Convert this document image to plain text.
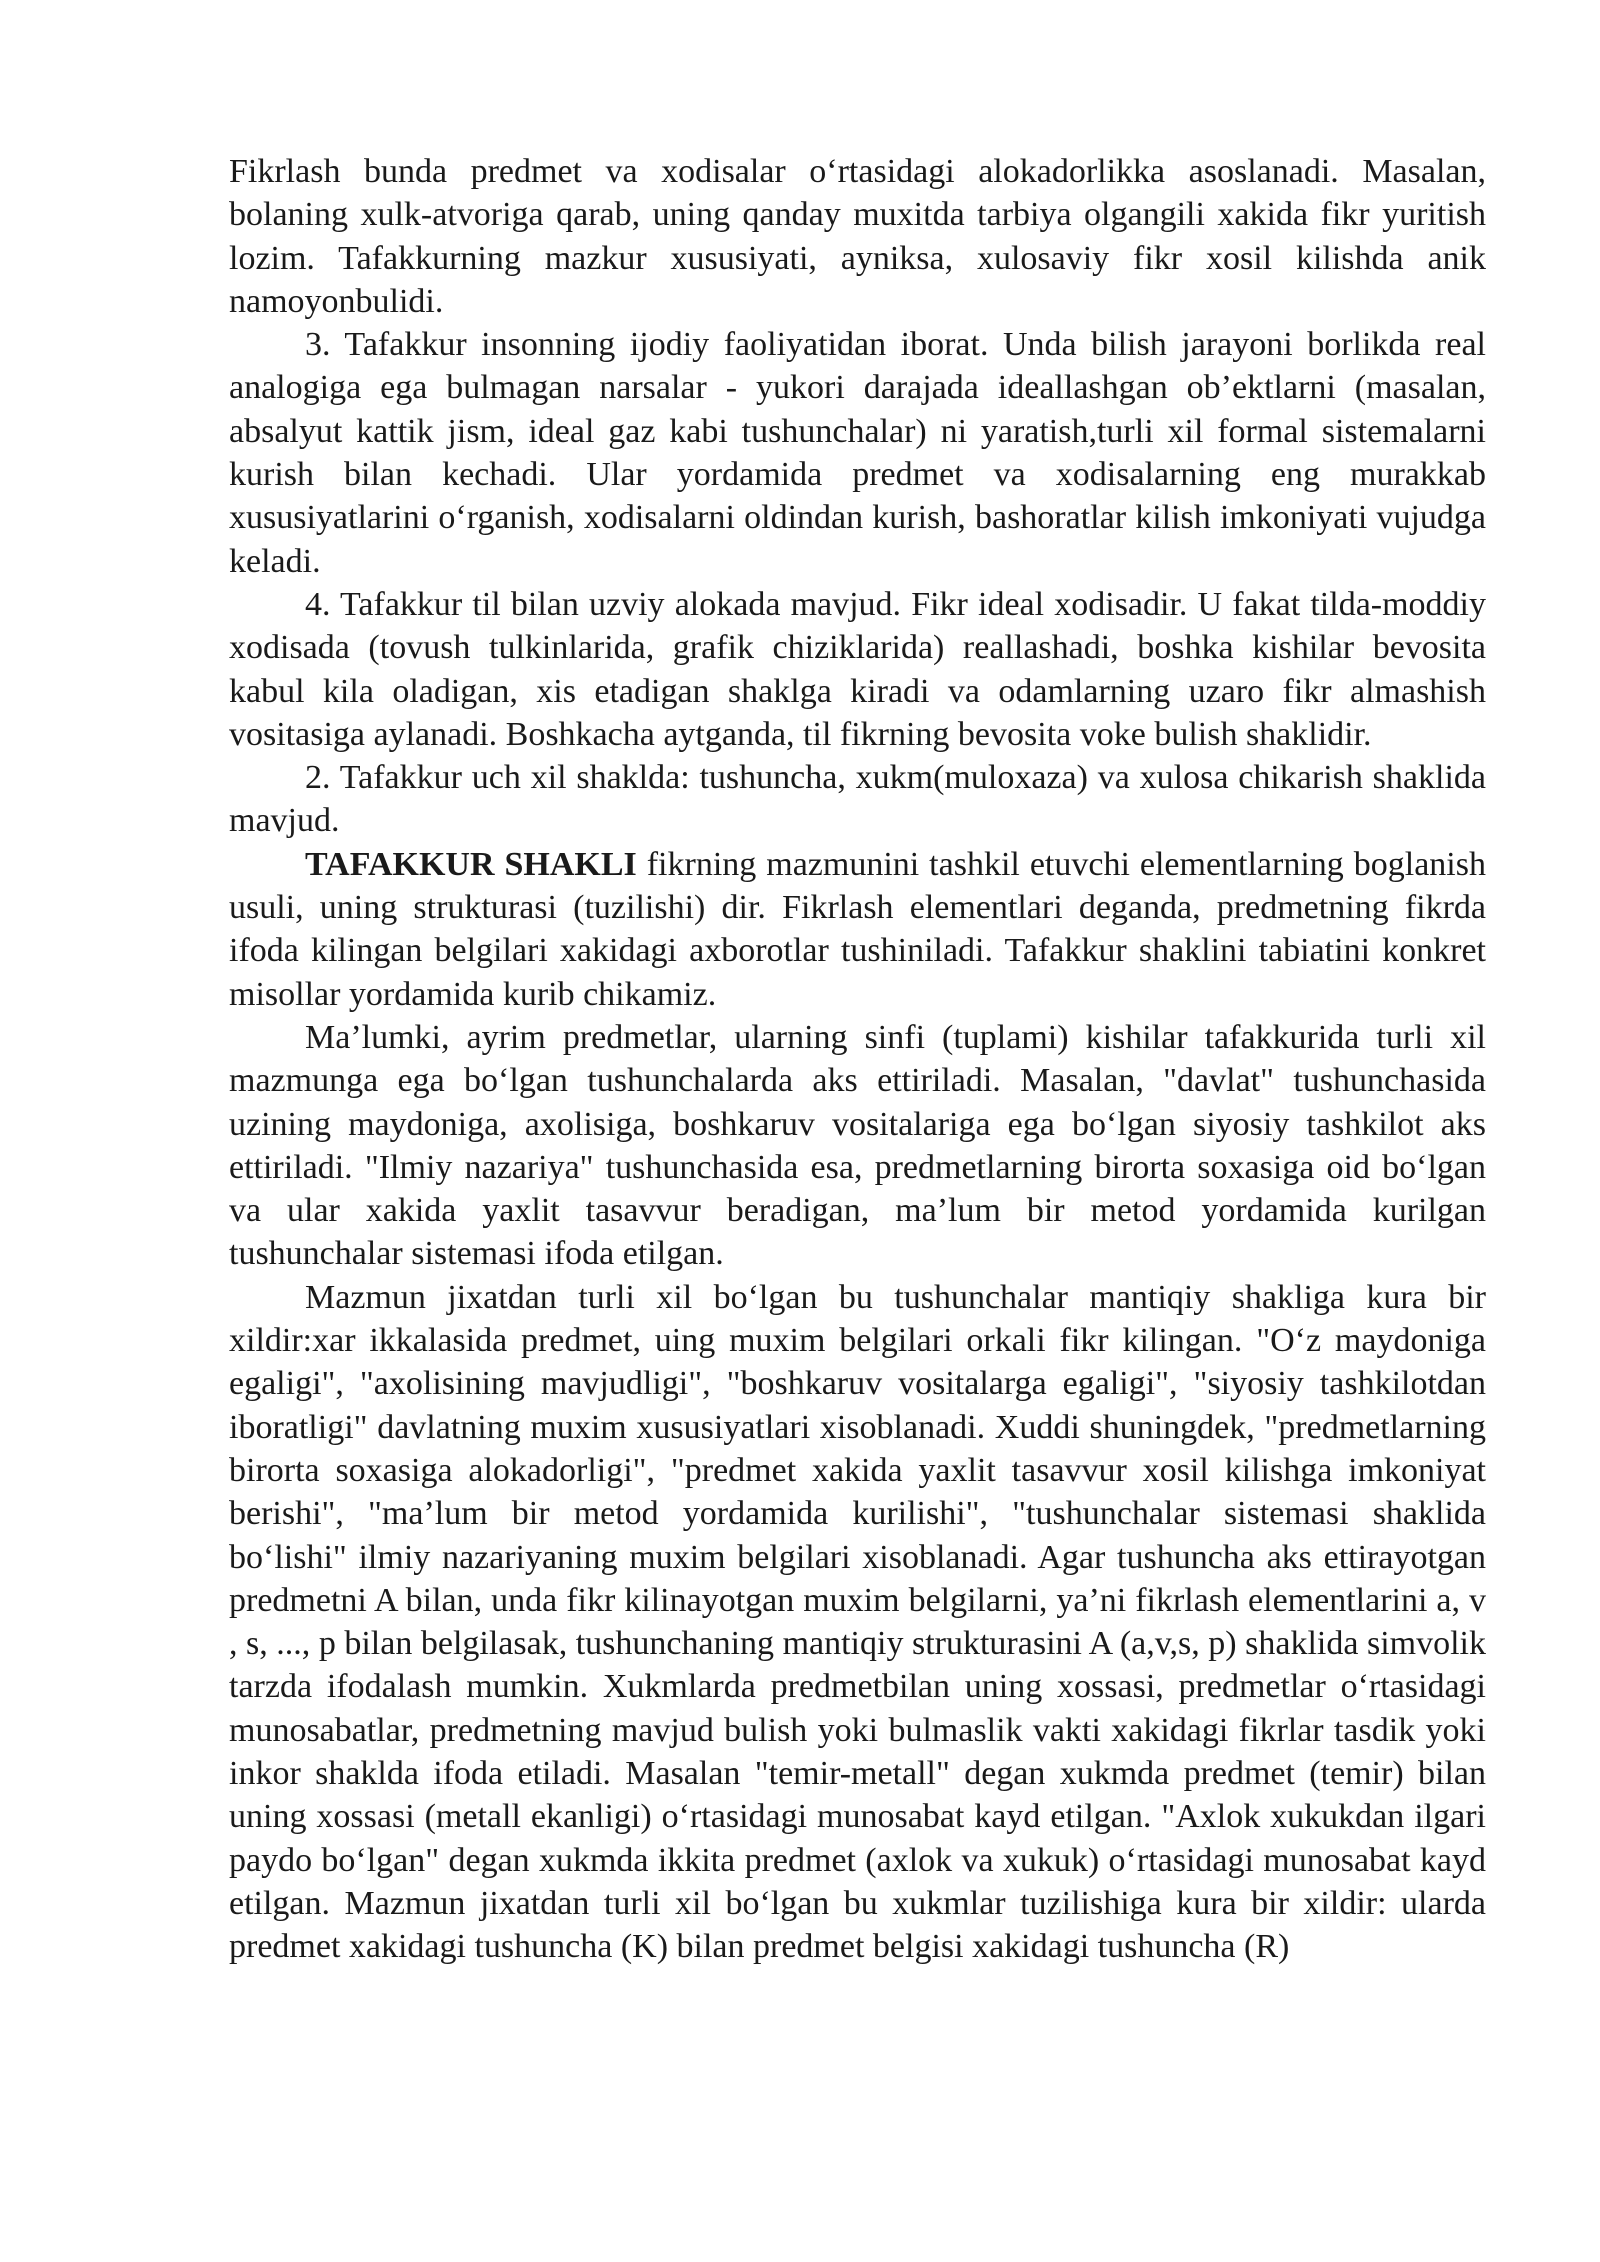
Fikrlash bunda predmet va xodisalar o‘rtasidagi alokadorlikka asoslanadi. Masalan, bolaning xulk-atvoriga qarab, uning qanday muxitda tarbiya olgangili xakida fikr yuritish lozim. Tafakkurning mazkur xususiyati, ayniksa, xulosaviy fikr xosil kilishda anik namoyonbulidi.

3. Tafakkur insonning ijodiy faoliyatidan iborat. Unda bilish jarayoni borlikda real analogiga ega bulmagan narsalar - yukori darajada ideallashgan ob’ektlarni (masalan, absalyut kattik jism, ideal gaz kabi tushunchalar) ni yaratish,turli xil formal sistemalarni kurish bilan kechadi. Ular yordamida predmet va xodisalarning eng murakkab xususiyatlarini o‘rganish, xodisalarni oldindan kurish, bashoratlar kilish imkoniyati vujudga keladi.

4. Tafakkur til bilan uzviy alokada mavjud. Fikr ideal xodisadir. U fakat tilda-moddiy xodisada (tovush tulkinlarida, grafik chiziklarida) reallashadi, boshka kishilar bevosita kabul kila oladigan, xis etadigan shaklga kiradi va odamlarning uzaro fikr almashish vositasiga aylanadi. Boshkacha aytganda, til fikrning bevosita voke bulish shaklidir.

2. Tafakkur uch xil shaklda: tushuncha, xukm(muloxaza) va xulosa chikarish shaklida mavjud.

TAFAKKUR SHAKLI fikrning mazmunini tashkil etuvchi elementlarning boglanish usuli, uning strukturasi (tuzilishi) dir. Fikrlash elementlari deganda, predmetning fikrda ifoda kilingan belgilari xakidagi axborotlar tushiniladi. Tafakkur shaklini tabiatini konkret misollar yordamida kurib chikamiz.

Ma’lumki, ayrim predmetlar, ularning sinfi (tuplami) kishilar tafakkurida turli xil mazmunga ega bo‘lgan tushunchalarda aks ettiriladi. Masalan, "davlat" tushunchasida uzining maydoniga, axolisiga, boshkaruv vositalariga ega bo‘lgan siyosiy tashkilot aks ettiriladi. "Ilmiy nazariya" tushunchasida esa, predmetlarning birorta soxasiga oid bo‘lgan va ular xakida yaxlit tasavvur beradigan, ma’lum bir metod yordamida kurilgan tushunchalar sistemasi ifoda etilgan.

Mazmun jixatdan turli xil bo‘lgan bu tushunchalar mantiqiy shakliga kura bir xildir:xar ikkalasida predmet, uing muxim belgilari orkali fikr kilingan. "O‘z maydoniga egaligi", "axolisining mavjudligi", "boshkaruv vositalarga egaligi", "siyosiy tashkilotdan iboratligi" davlatning muxim xususiyatlari xisoblanadi. Xuddi shuningdek, "predmetlarning birorta soxasiga alokadorligi", "predmet xakida yaxlit tasavvur xosil kilishga imkoniyat berishi", "ma’lum bir metod yordamida kurilishi", "tushunchalar sistemasi shaklida bo‘lishi" ilmiy nazariyaning muxim belgilari xisoblanadi. Agar tushuncha aks ettirayotgan predmetni A bilan, unda fikr kilinayotgan muxim belgilarni, ya’ni fikrlash elementlarini a, v , s, ..., p bilan belgilasak, tushunchaning mantiqiy strukturasini A (a,v,s, p) shaklida simvolik tarzda ifodalash mumkin. Xukmlarda predmetbilan uning xossasi, predmetlar o‘rtasidagi munosabatlar, predmetning mavjud bulish yoki bulmaslik vakti xakidagi fikrlar tasdik yoki inkor shaklda ifoda etiladi. Masalan "temir-metall" degan xukmda predmet (temir) bilan uning xossasi (metall ekanligi) o‘rtasidagi munosabat kayd etilgan. "Axlok xukukdan ilgari paydo bo‘lgan" degan xukmda ikkita predmet (axlok va xukuk) o‘rtasidagi munosabat kayd etilgan. Mazmun jixatdan turli xil bo‘lgan bu xukmlar tuzilishiga kura bir xildir: ularda predmet xakidagi tushuncha (K) bilan predmet belgisi xakidagi tushuncha (R)
